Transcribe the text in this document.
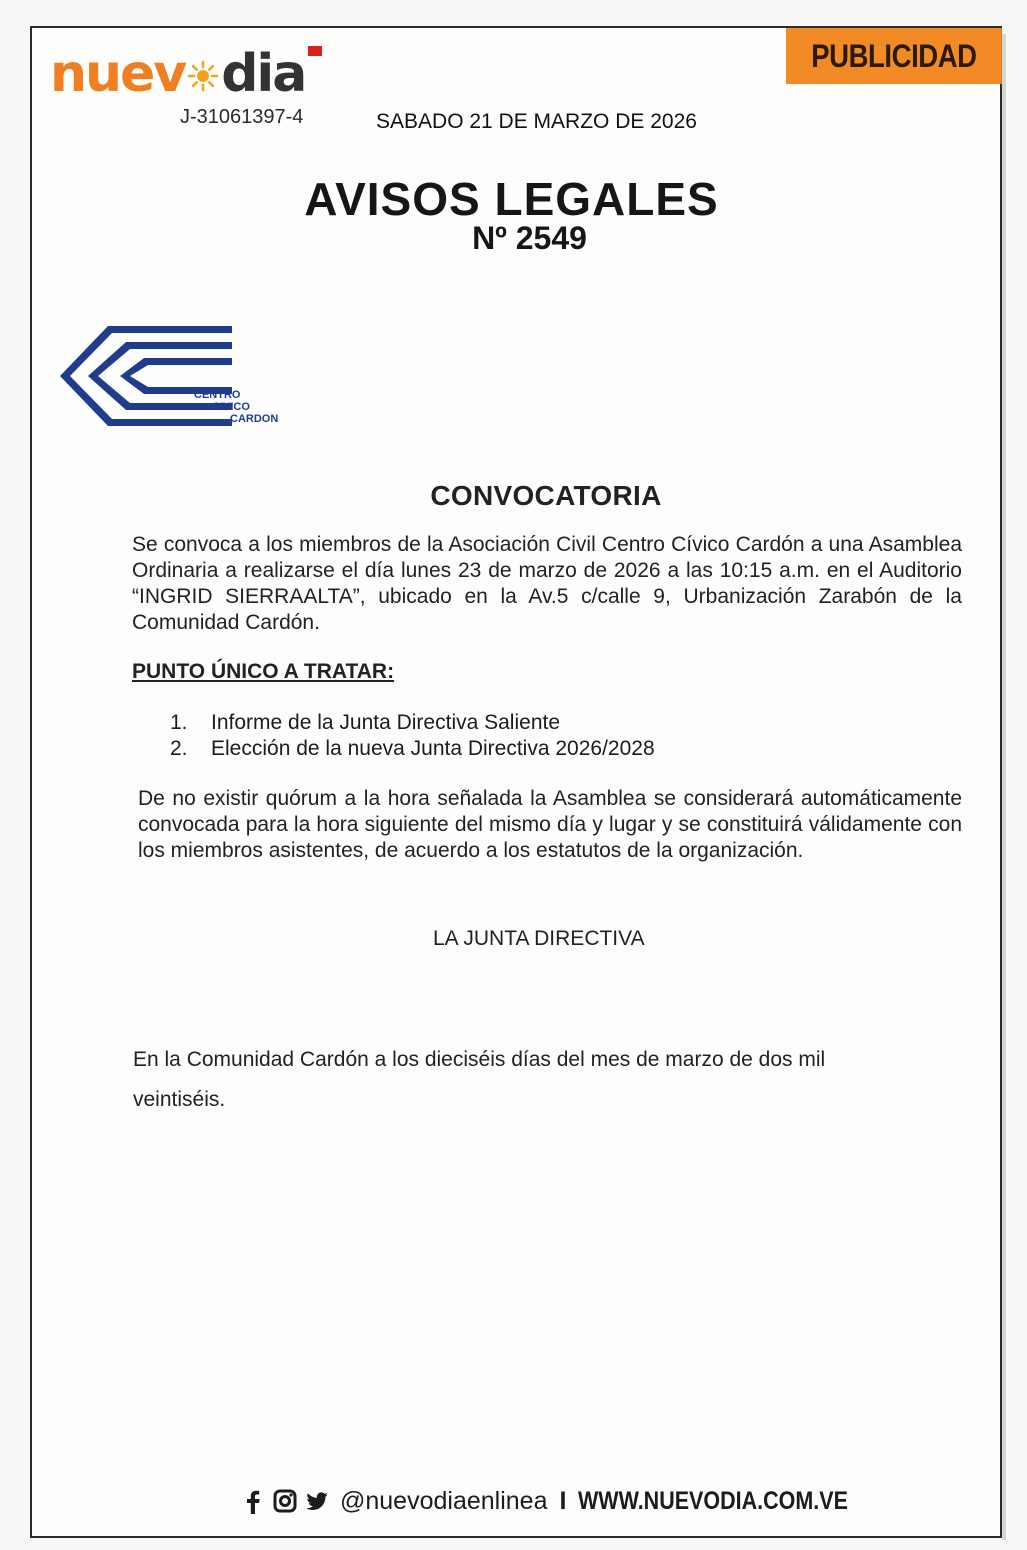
nuev dia
J-31061397-4	SABADO 21 DE MARZO DE 2026
PUBLICIDAD
AVISOS LEGALES
Nº 2549
CENTRO
CIVICO
CARDON
CONVOCATORIA
Se convoca a los miembros de la Asociación Civil Centro Cívico Cardón a una Asamblea Ordinaria a realizarse el día lunes 23 de marzo de 2026 a las 10:15 a.m. en el Auditorio “INGRID SIERRAALTA”, ubicado en la Av.5 c/calle 9, Urbanización Zarabón de la Comunidad Cardón.
PUNTO ÚNICO A TRATAR:
1.	Informe de la Junta Directiva Saliente
2.	Elección de la nueva Junta Directiva 2026/2028
De no existir quórum a la hora señalada la Asamblea se considerará automáticamente convocada para la hora siguiente del mismo día y lugar y se constituirá válidamente con los miembros asistentes, de acuerdo a los estatutos de la organización.
LA JUNTA DIRECTIVA
En la Comunidad Cardón a los dieciséis días del mes de marzo de dos mil veintiséis.
@nuevodiaenlinea I WWW.NUEVODIA.COM.VE
